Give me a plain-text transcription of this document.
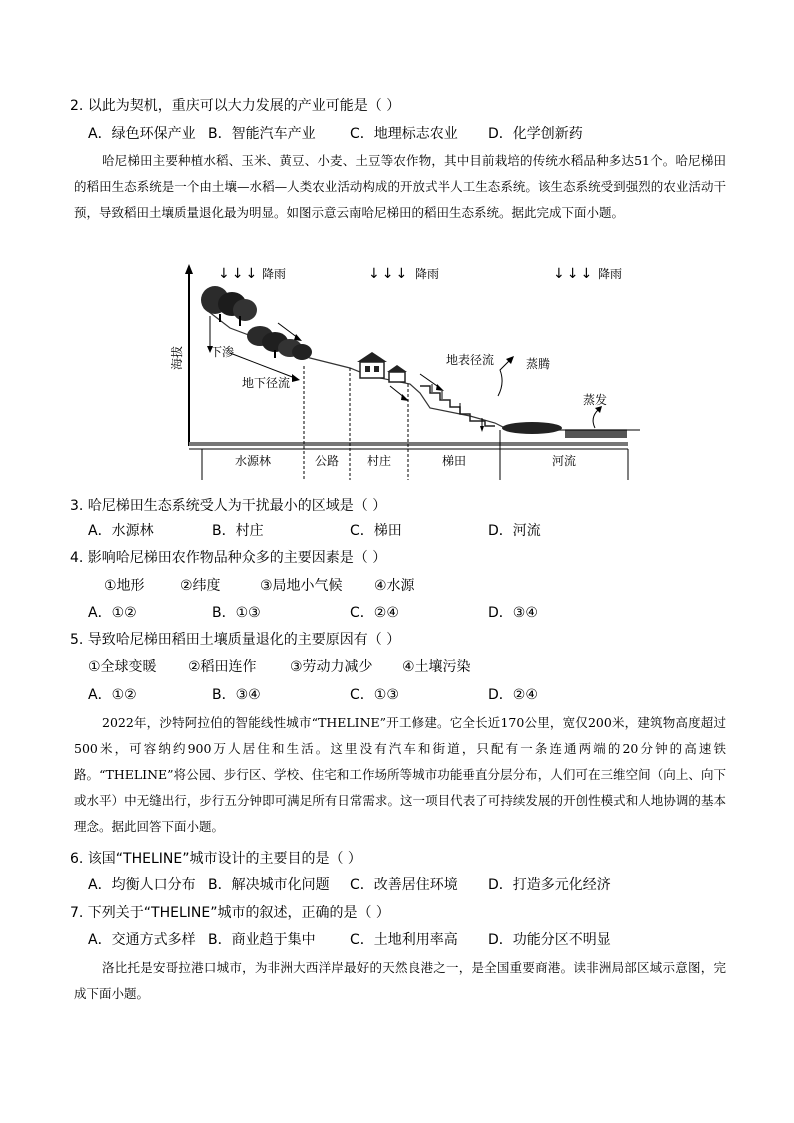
2. 以此为契机，重庆可以大力发展的产业可能是（ ）
A．绿色环保产业 B．智能汽车产业 C．地理标志农业 D．化学创新药

哈尼梯田主要种植水稻、玉米、黄豆、小麦、土豆等农作物，其中目前栽培的传统水稻品种多达51个。哈尼梯田的稻田生态系统是一个由土壤—水稻—人类农业活动构成的开放式半人工生态系统。该生态系统受到强烈的农业活动干预，导致稻田土壤质量退化最为明显。如图示意云南哈尼梯田的稻田生态系统。据此完成下面小题。

海拔
↓↓↓ 降雨	↓↓↓ 降雨	↓↓↓ 降雨
下渗
地下径流
地表径流	蒸腾
蒸发
水源林	公路 村庄	梯田	河流
3. 哈尼梯田生态系统受人为干扰最小的区域是（ ）
A．水源林	B．村庄	C．梯田	D．河流
4. 影响哈尼梯田农作物品种众多的主要因素是（ ）
①地形	②纬度	③局地小气候 ④水源
A．①②	B．①③	C．②④	D．③④
5. 导致哈尼梯田稻田土壤质量退化的主要原因有（ ）
①全球变暖 ②稻田连作 ③劳动力减少 ④土壤污染
A．①②	B．③④	C．①③	D．②④

2022年，沙特阿拉伯的智能线性城市“THELINE”开工修建。它全长近170公里，宽仅200米，建筑物高度超过500米，可容纳约900万人居住和生活。这里没有汽车和街道，只配有一条连通两端的20分钟的高速铁路。“THELINE”将公园、步行区、学校、住宅和工作场所等城市功能垂直分层分布，人们可在三维空间（向上、向下或水平）中无缝出行，步行五分钟即可满足所有日常需求。这一项目代表了可持续发展的开创性模式和人地协调的基本理念。据此回答下面小题。

6. 该国“THELINE”城市设计的主要目的是（ ）
A．均衡人口分布 B．解决城市化问题 C．改善居住环境 D．打造多元化经济
7. 下列关于“THELINE”城市的叙述，正确的是（ ）
A．交通方式多样 B．商业趋于集中 C．土地利用率高 D．功能分区不明显

洛比托是安哥拉港口城市，为非洲大西洋岸最好的天然良港之一，是全国重要商港。读非洲局部区域示意图，完成下面小题。
